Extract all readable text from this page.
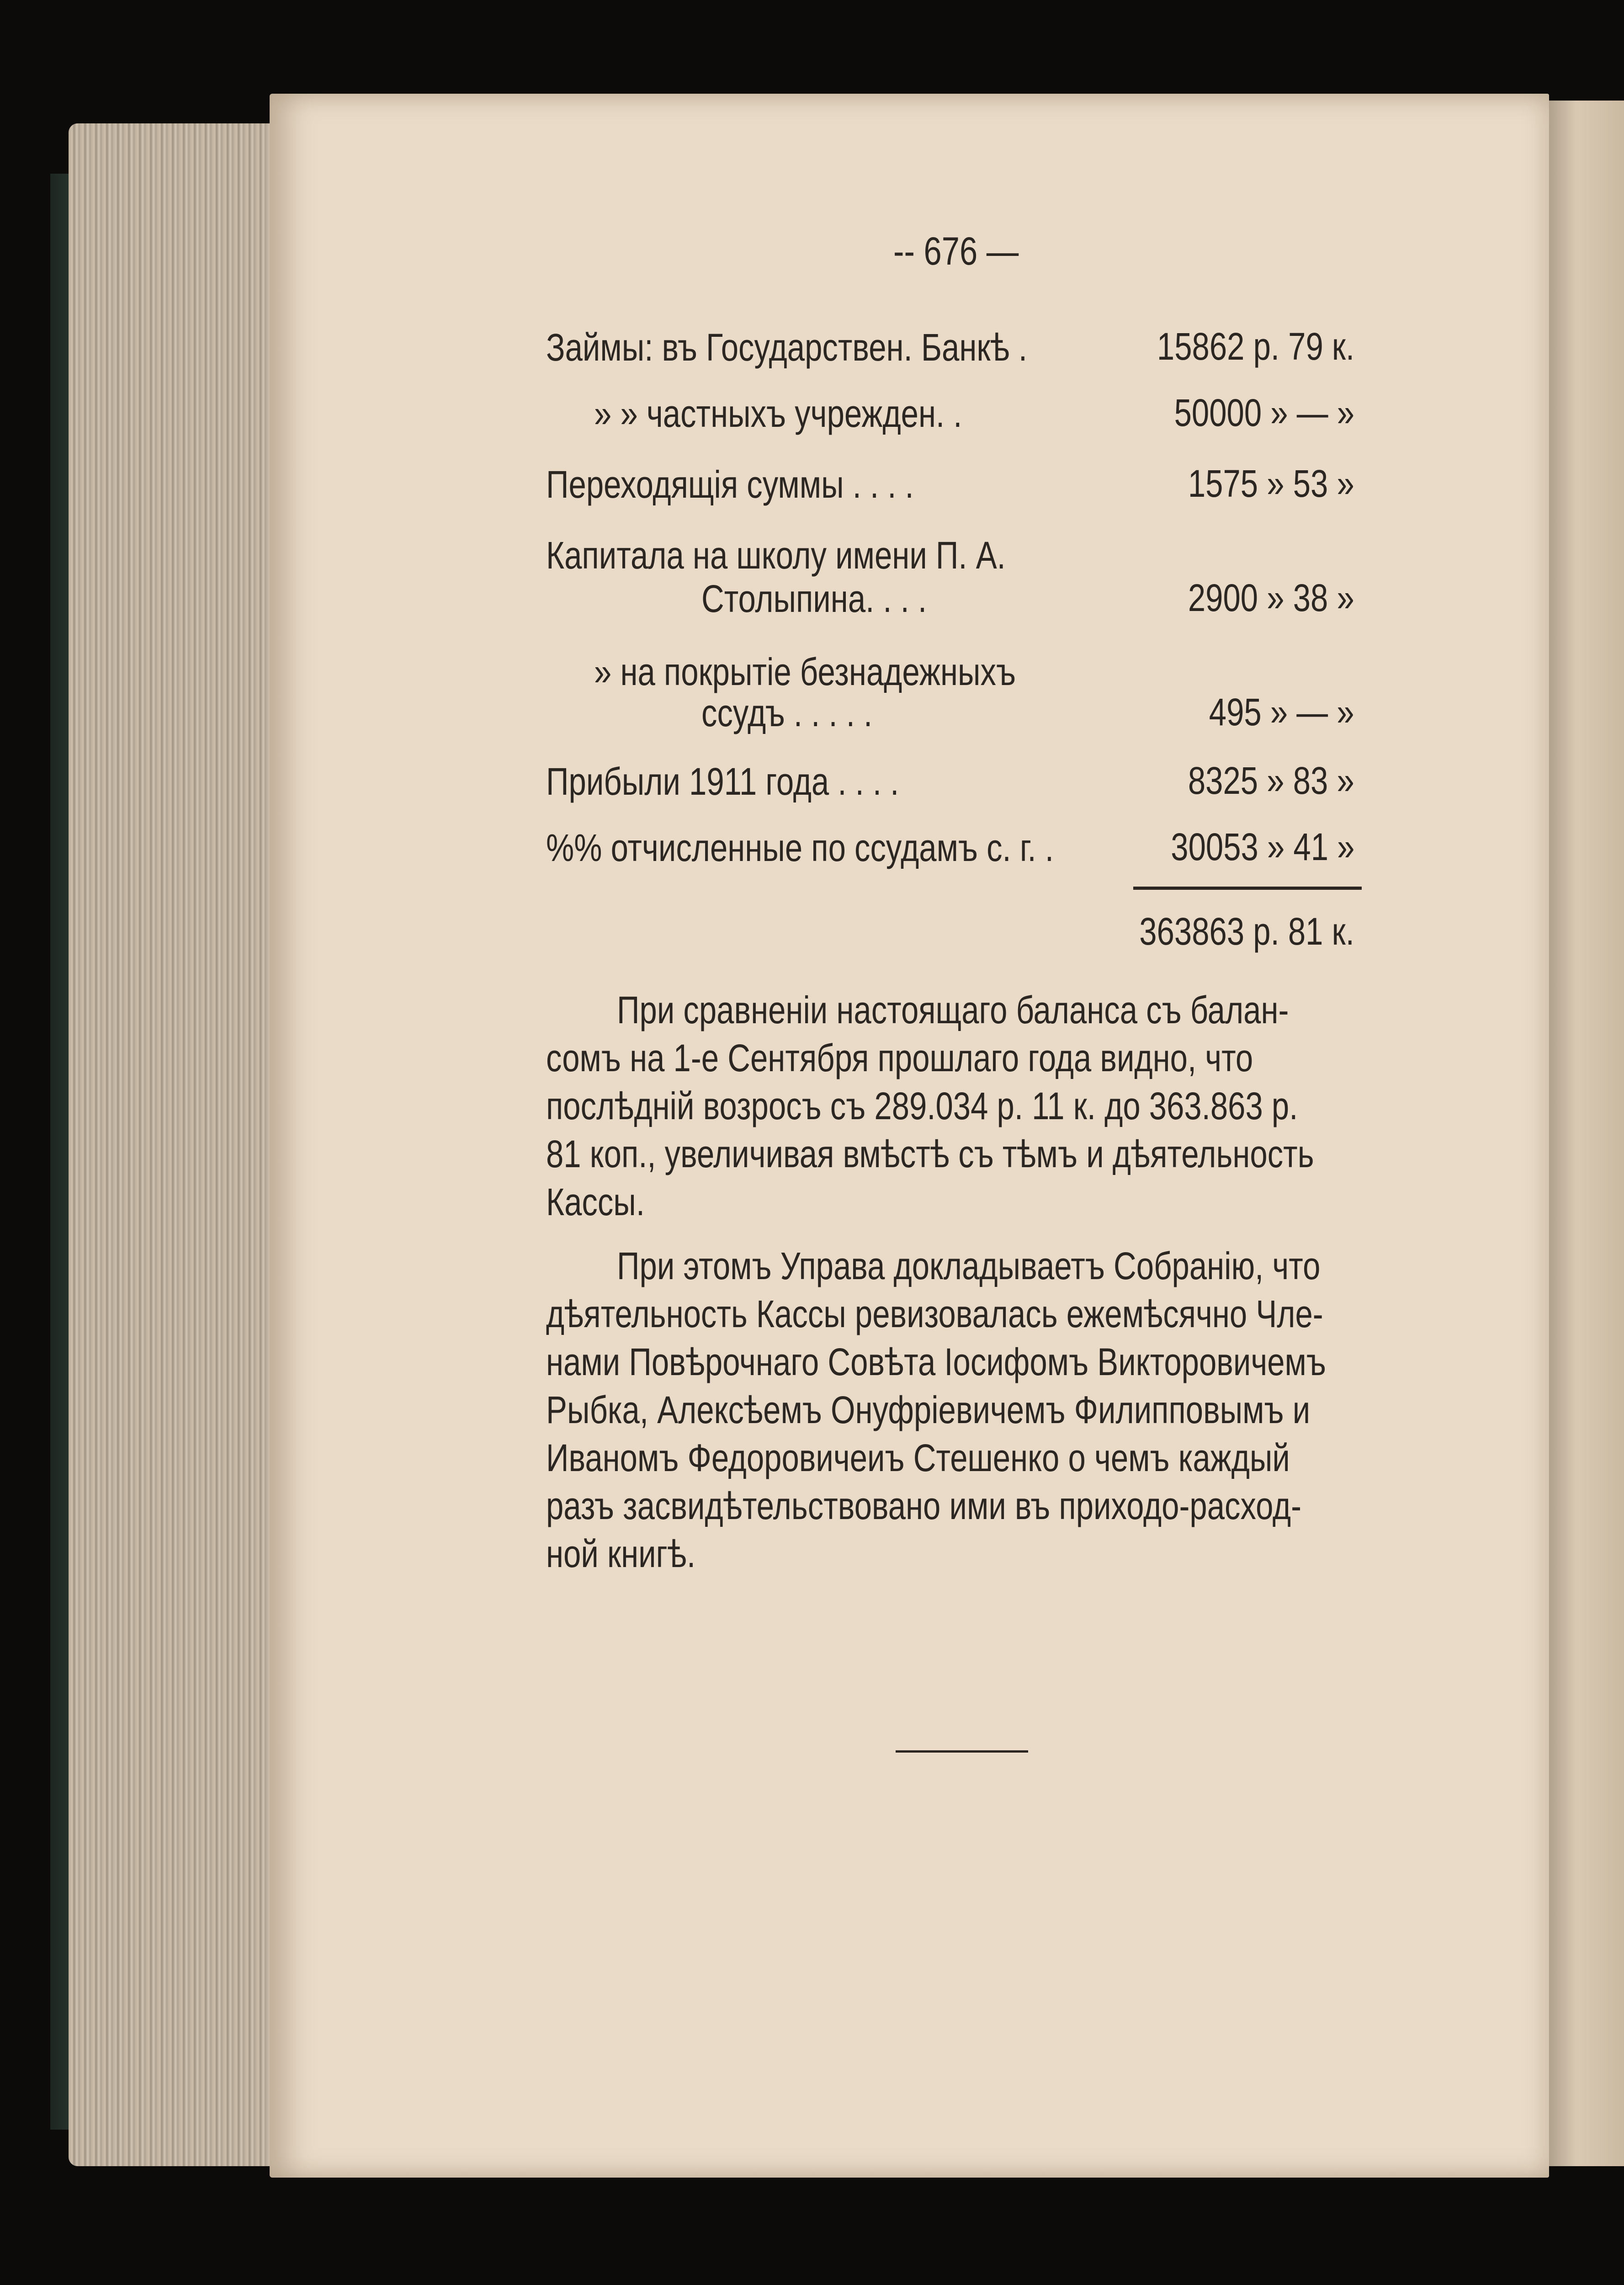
-- 676 —
Займы: въ Государствен. Банкѣ .	15862 р. 79 к.
» » частныхъ учрежден. .	50000 » — »
Переходящія суммы . . . .	1575 » 53 »
Капитала на школу имени П. А.
Столыпина. . . .	2900 » 38 »
» на покрытіе безнадежныхъ
ссудъ . . . . .	495 » — »
Прибыли 1911 года . . . .	8325 » 83 »
%% отчисленные по ссудамъ с. г. .	30053 » 41 »
363863 р. 81 к.
При сравненіи настоящаго баланса съ балан-
сомъ на 1-е Сентября прошлаго года видно, что
послѣдній возросъ съ 289.034 р. 11 к. до 363.863 р.
81 коп., увеличивая вмѣстѣ съ тѣмъ и дѣятельность
Кассы.
При этомъ Управа докладываетъ Собранію, что
дѣятельность Кассы ревизовалась ежемѣсячно Чле-
нами Повѣрочнаго Совѣта Іосифомъ Викторовичемъ
Рыбка, Алексѣемъ Онуфріевичемъ Филипповымъ и
Иваномъ Федоровичеиъ Стешенко о чемъ каждый
разъ засвидѣтельствовано ими въ приходо-расход-
ной книгѣ.
